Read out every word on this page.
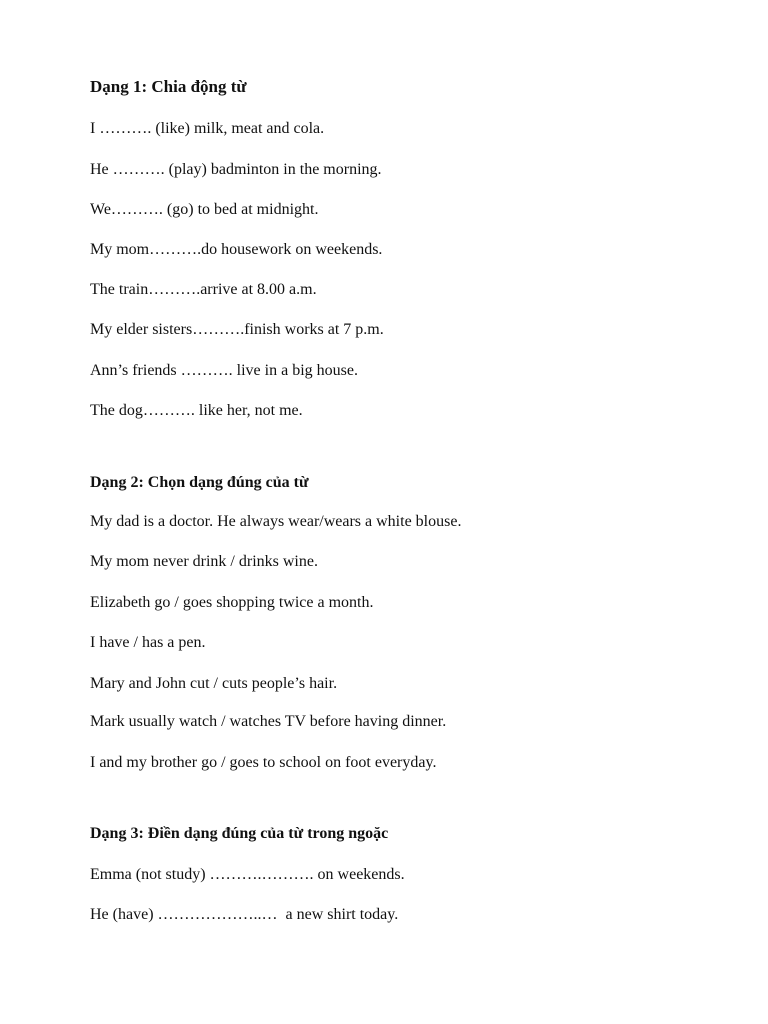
Dạng 1: Chia động từ
I ………. (like) milk, meat and cola.
He ………. (play) badminton in the morning.
We………. (go) to bed at midnight.
My mom……….do housework on weekends.
The train……….arrive at 8.00 a.m.
My elder sisters……….finish works at 7 p.m.
Ann’s friends ………. live in a big house.
The dog………. like her, not me.
Dạng 2: Chọn dạng đúng của từ
My dad is a doctor. He always wear/wears a white blouse.
My mom never drink / drinks wine.
Elizabeth go / goes shopping twice a month.
I have / has a pen.
Mary and John cut / cuts people’s hair.
Mark usually watch / watches TV before having dinner.
I and my brother go / goes to school on foot everyday.
Dạng 3: Điền dạng đúng của từ trong ngoặc
Emma (not study) ……….………. on weekends.
He (have) ………………..…  a new shirt today.
